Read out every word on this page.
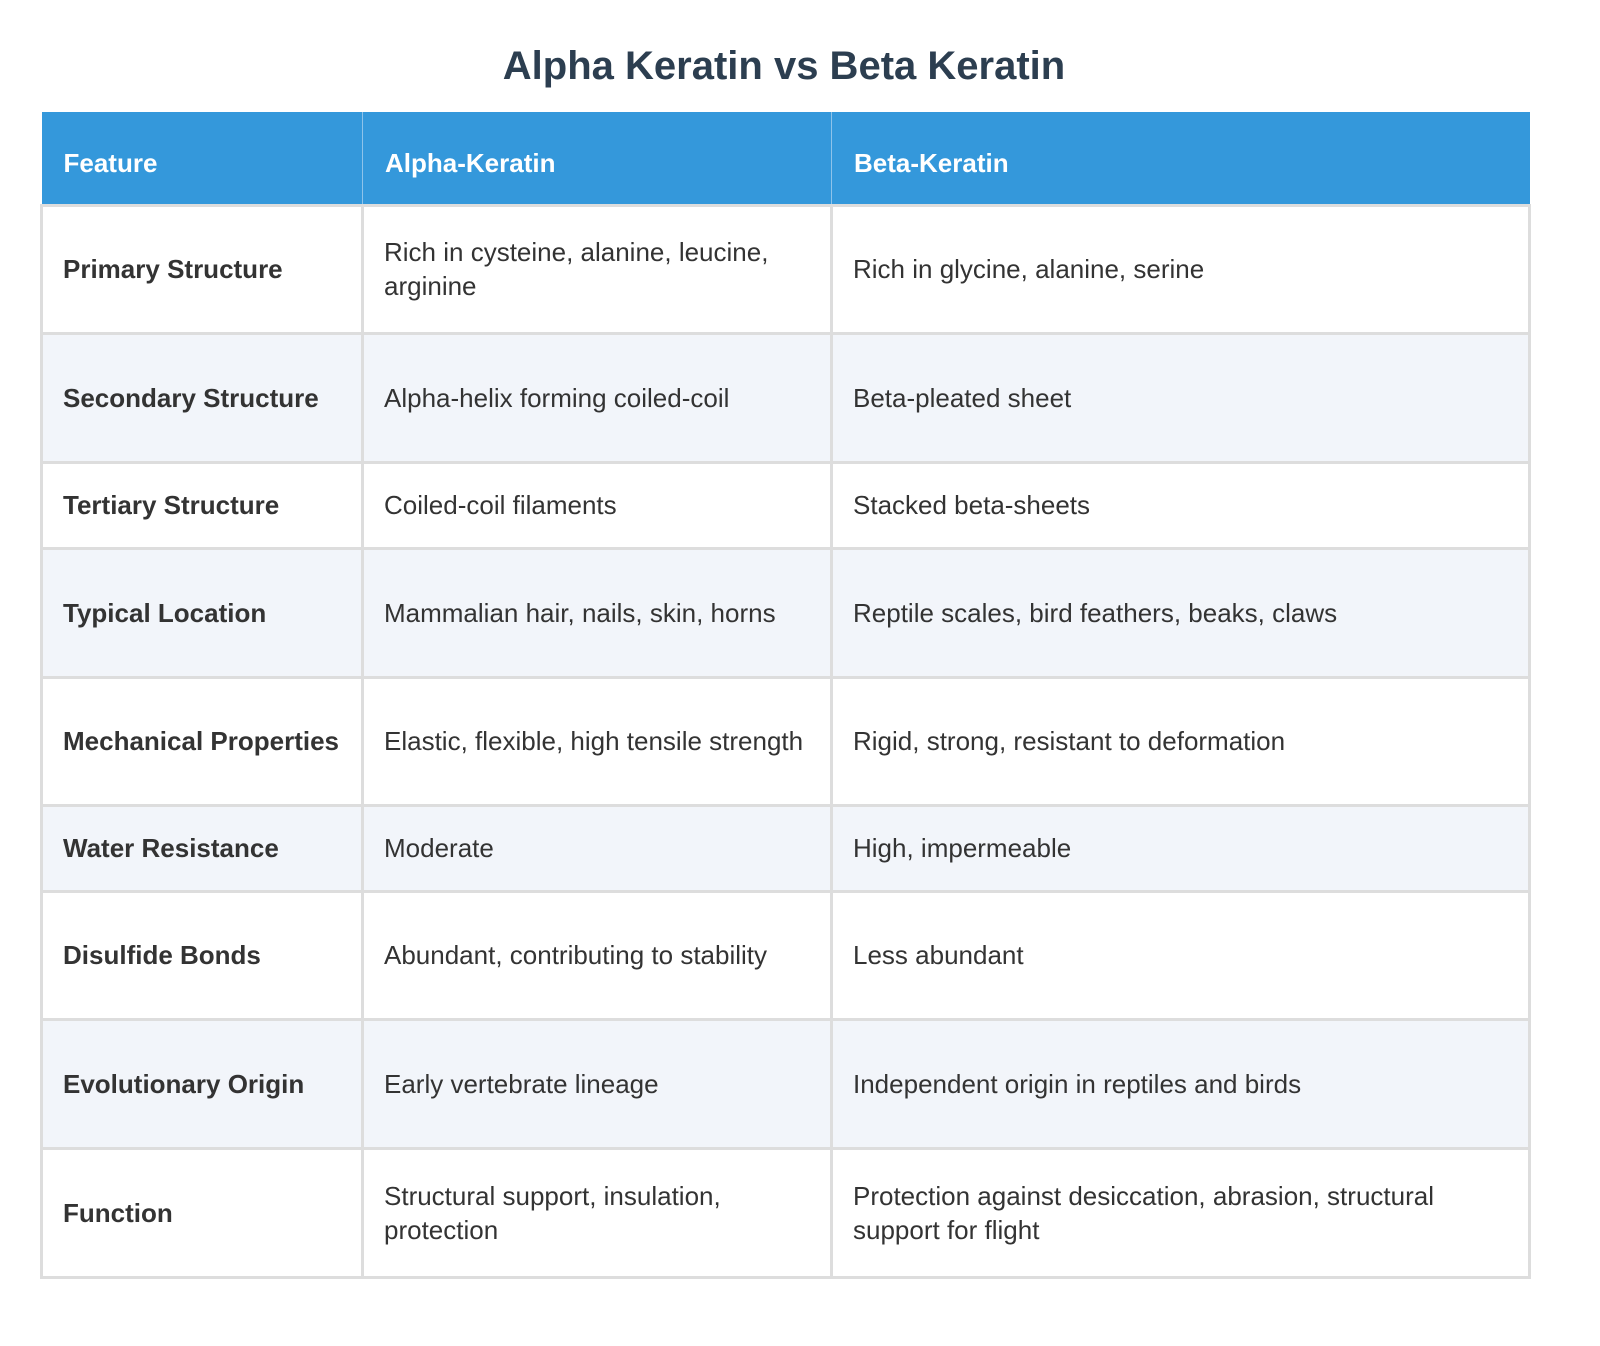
Alpha Keratin vs Beta Keratin
Feature	Alpha-Keratin	Beta-Keratin
Primary Structure	Rich in cysteine, alanine, leucine, arginine	Rich in glycine, alanine, serine
Secondary Structure	Alpha-helix forming coiled-coil	Beta-pleated sheet
Tertiary Structure	Coiled-coil filaments	Stacked beta-sheets
Typical Location	Mammalian hair, nails, skin, horns	Reptile scales, bird feathers, beaks, claws
Mechanical Properties	Elastic, flexible, high tensile strength	Rigid, strong, resistant to deformation
Water Resistance	Moderate	High, impermeable
Disulfide Bonds	Abundant, contributing to stability	Less abundant
Evolutionary Origin	Early vertebrate lineage	Independent origin in reptiles and birds
Function	Structural support, insulation, protection	Protection against desiccation, abrasion, structural support for flight
